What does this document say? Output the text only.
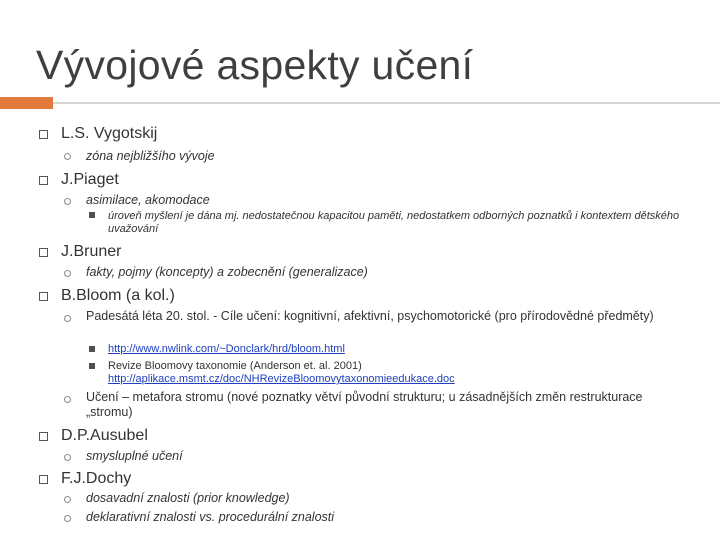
Vývojové aspekty učení
L.S. Vygotskij
zóna nejbližšího vývoje
J.Piaget
asimilace, akomodace
úroveň myšlení je dána mj. nedostatečnou kapacitou paměti, nedostatkem odborných poznatků i kontextem dětského uvažování
J.Bruner
fakty, pojmy (koncepty) a zobecnění (generalizace)
B.Bloom (a kol.)
Padesátá léta 20. stol. - Cíle učení: kognitivní, afektivní, psychomotorické (pro přírodovědné předměty)
http://www.nwlink.com/~Donclark/hrd/bloom.html
Revize Bloomovy taxonomie (Anderson et. al. 2001)
http://aplikace.msmt.cz/doc/NHRevizeBloomovytaxonomieedukace.doc
Učení – metafora stromu (nové poznatky větví původní strukturu; u zásadnějších změn restrukturace „stromu)
D.P.Ausubel
smysluplné učení
F.J.Dochy
dosavadní znalosti (prior knowledge)
deklarativní znalosti vs. procedurální znalosti
